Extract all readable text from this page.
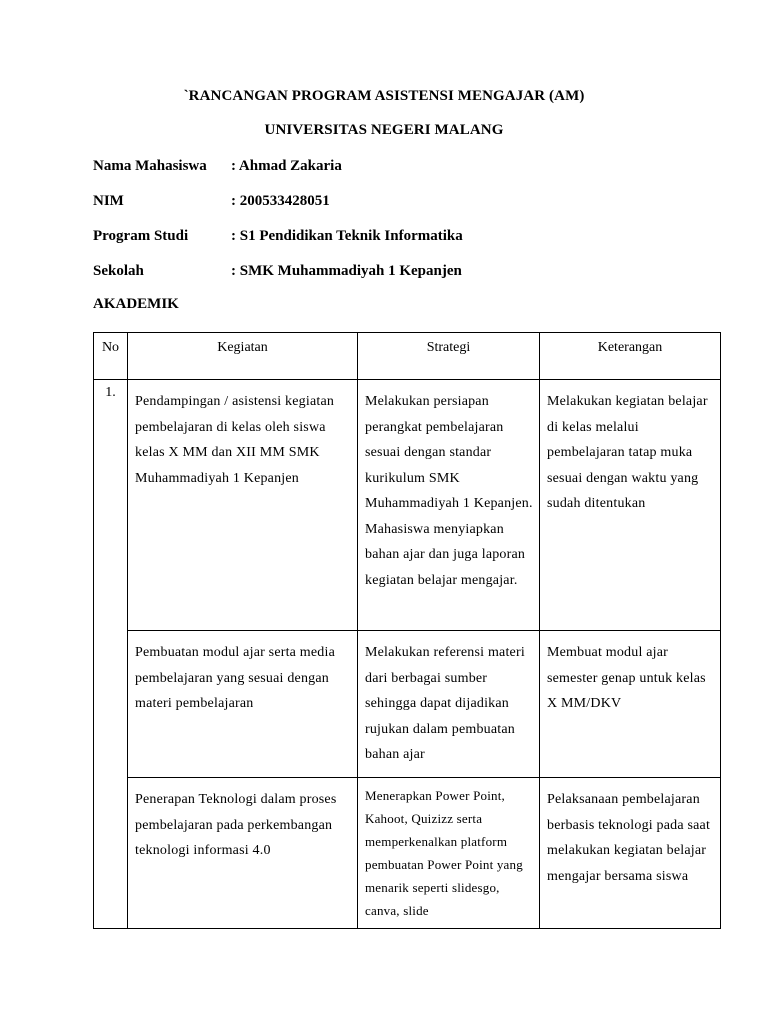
`RANCANGAN PROGRAM ASISTENSI MENGAJAR (AM)
UNIVERSITAS NEGERI MALANG
Nama Mahasiswa : Ahmad Zakaria
NIM	: 200533428051
Program Studi	: S1 Pendidikan Teknik Informatika
Sekolah	: SMK Muhammadiyah 1 Kepanjen
AKADEMIK
No	Kegiatan	Strategi	Keterangan
1.	Pendampingan / asistensi kegiatan pembelajaran di kelas oleh siswa kelas X MM dan XII MM SMK Muhammadiyah 1 Kepanjen	Melakukan persiapan perangkat pembelajaran sesuai dengan standar kurikulum SMK Muhammadiyah 1 Kepanjen. Mahasiswa menyiapkan bahan ajar dan juga laporan kegiatan belajar mengajar.	Melakukan kegiatan belajar di kelas melalui pembelajaran tatap muka sesuai dengan waktu yang sudah ditentukan

	Pembuatan modul ajar serta media pembelajaran yang sesuai dengan materi pembelajaran	Melakukan referensi materi dari berbagai sumber sehingga dapat dijadikan rujukan dalam pembuatan bahan ajar	Membuat modul ajar semester genap untuk kelas X MM/DKV

	Penerapan Teknologi dalam proses pembelajaran pada perkembangan teknologi informasi 4.0	Menerapkan Power Point, Kahoot, Quizizz serta memperkenalkan platform pembuatan Power Point yang menarik seperti slidesgo, canva, slide	Pelaksanaan pembelajaran berbasis teknologi pada saat melakukan kegiatan belajar mengajar bersama siswa
